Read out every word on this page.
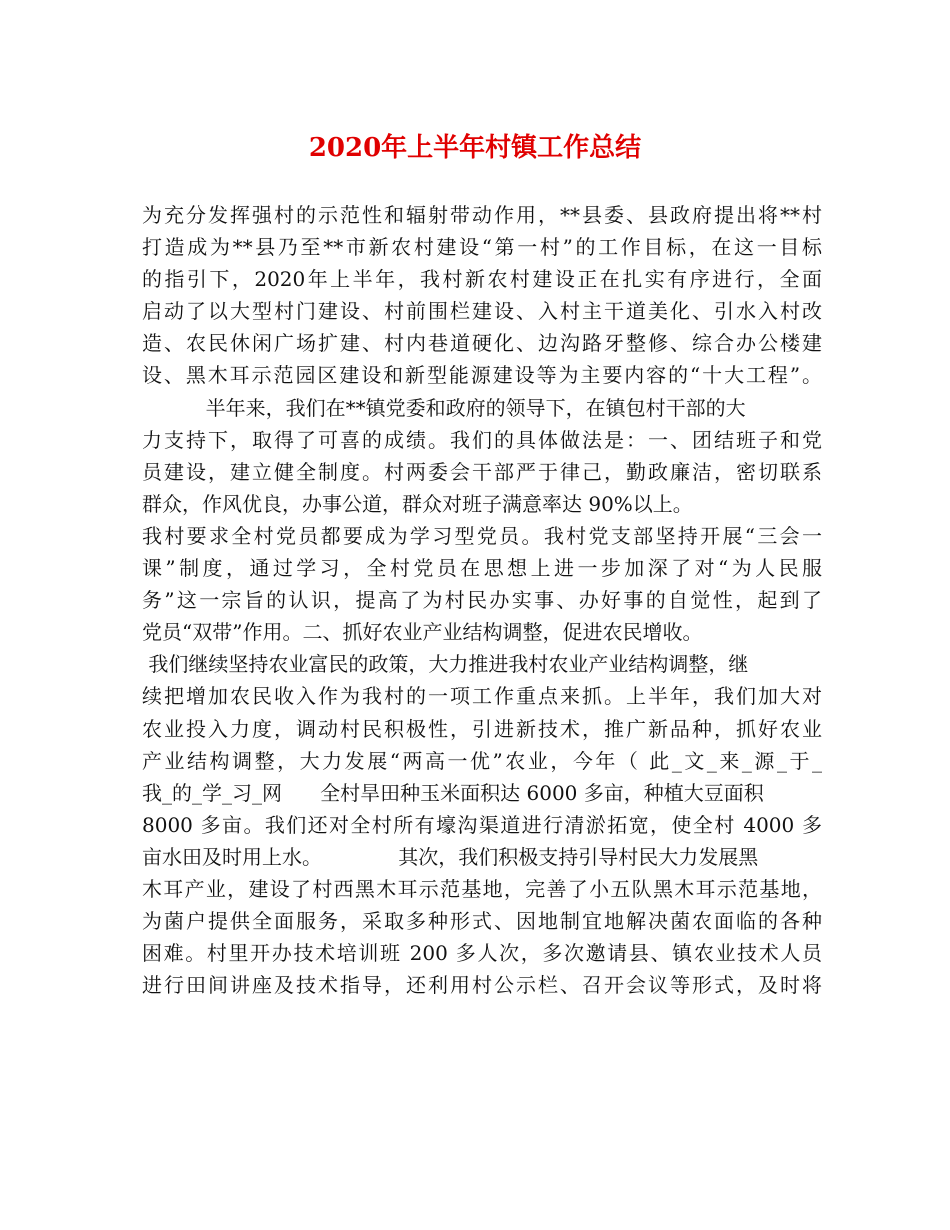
2020年上半年村镇工作总结
为充分发挥强村的示范性和辐射带动作用，**县委、县政府提出将**村
打造成为**县乃至**市新农村建设“第一村”的工作目标，在这一目标
的指引下，2020年上半年，我村新农村建设正在扎实有序进行，全面
启动了以大型村门建设、村前围栏建设、入村主干道美化、引水入村改
造、农民休闲广场扩建、村内巷道硬化、边沟路牙整修、综合办公楼建
设、黑木耳示范园区建设和新型能源建设等为主要内容的“十大工程”。
半年来，我们在**镇党委和政府的领导下，在镇包村干部的大
力支持下，取得了可喜的成绩。我们的具体做法是：一、团结班子和党
员建设，建立健全制度。村两委会干部严于律己，勤政廉洁，密切联系
群众，作风优良，办事公道，群众对班子满意率达 90%以上。
我村要求全村党员都要成为学习型党员。我村党支部坚持开展“三会一
课”制度，通过学习，全村党员在思想上进一步加深了对“为人民服
务”这一宗旨的认识，提高了为村民办实事、办好事的自觉性，起到了
党员“双带”作用。二、抓好农业产业结构调整，促进农民增收。
我们继续坚持农业富民的政策，大力推进我村农业产业结构调整，继
续把增加农民收入作为我村的一项工作重点来抓。上半年，我们加大对
农业投入力度，调动村民积极性，引进新技术，推广新品种，抓好农业
产业结构调整，大力发展“两高一优”农业，今年（ 此_文_来_源_于_
我_的_学_习_网      全村旱田种玉米面积达 6000 多亩，种植大豆面积
8000 多亩。我们还对全村所有壕沟渠道进行清淤拓宽，使全村 4000 多
亩水田及时用上水。            其次，我们积极支持引导村民大力发展黑
木耳产业，建设了村西黑木耳示范基地，完善了小五队黑木耳示范基地，
为菌户提供全面服务，采取多种形式、因地制宜地解决菌农面临的各种
困难。村里开办技术培训班 200 多人次，多次邀请县、镇农业技术人员
进行田间讲座及技术指导，还利用村公示栏、召开会议等形式，及时将
